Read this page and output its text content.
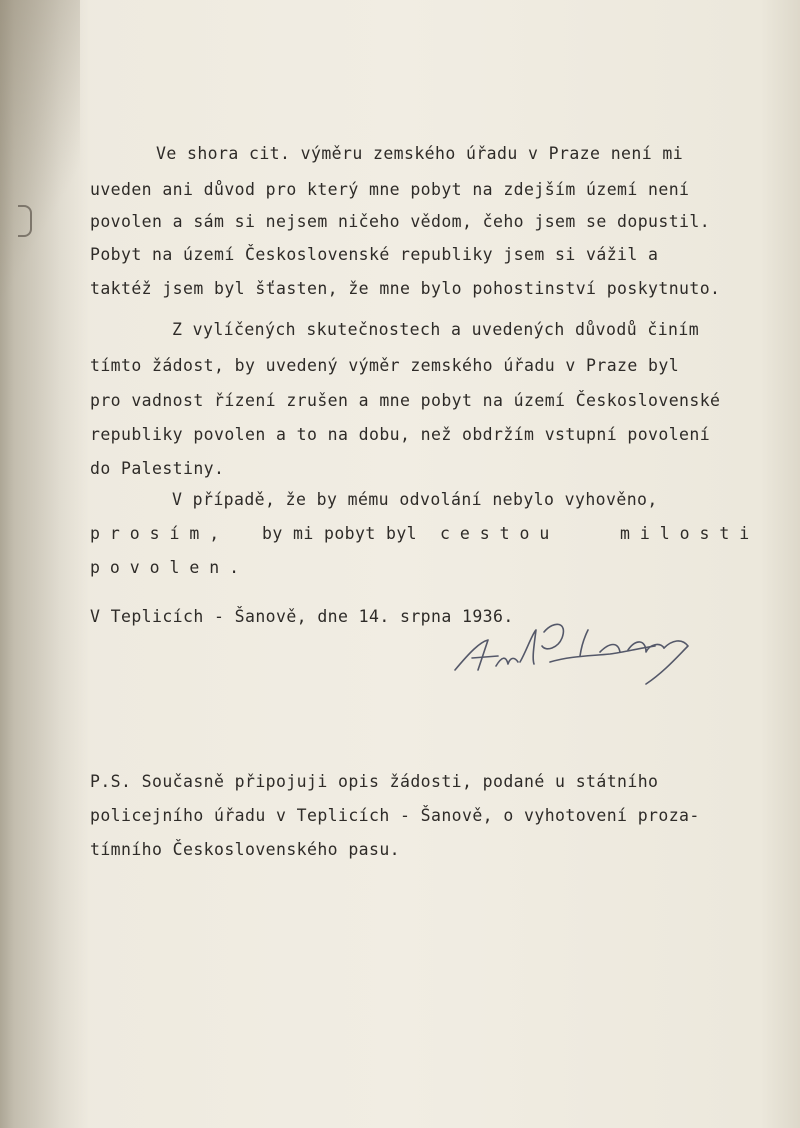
Ve shora cit. výměru zemského úřadu v Praze není mi
uveden ani důvod pro který mne pobyt na zdejším území není
povolen a sám si nejsem ničeho vědom, čeho jsem se dopustil.
Pobyt na území Československé republiky jsem si vážil a
taktéž jsem byl šťasten, že mne bylo pohostinství poskytnuto.
Z vylíčených skutečnostech a uvedených důvodů činím
tímto žádost, by uvedený výměr zemského úřadu v Praze byl
pro vadnost řízení zrušen a mne pobyt na území Československé
republiky povolen a to na dobu, než obdržím vstupní povolení
do Palestiny.
V případě, že by mému odvolání nebylo vyhověno,
p r o s í m ,	by mi pobyt byl c e s t o u	m i l o s t i
p o v o l e n .
V Teplicích - Šanově, dne 14. srpna 1936.
P.S. Současně připojuji opis žádosti, podané u státního
policejního úřadu v Teplicích - Šanově, o vyhotovení proza-
tímního Československého pasu.
